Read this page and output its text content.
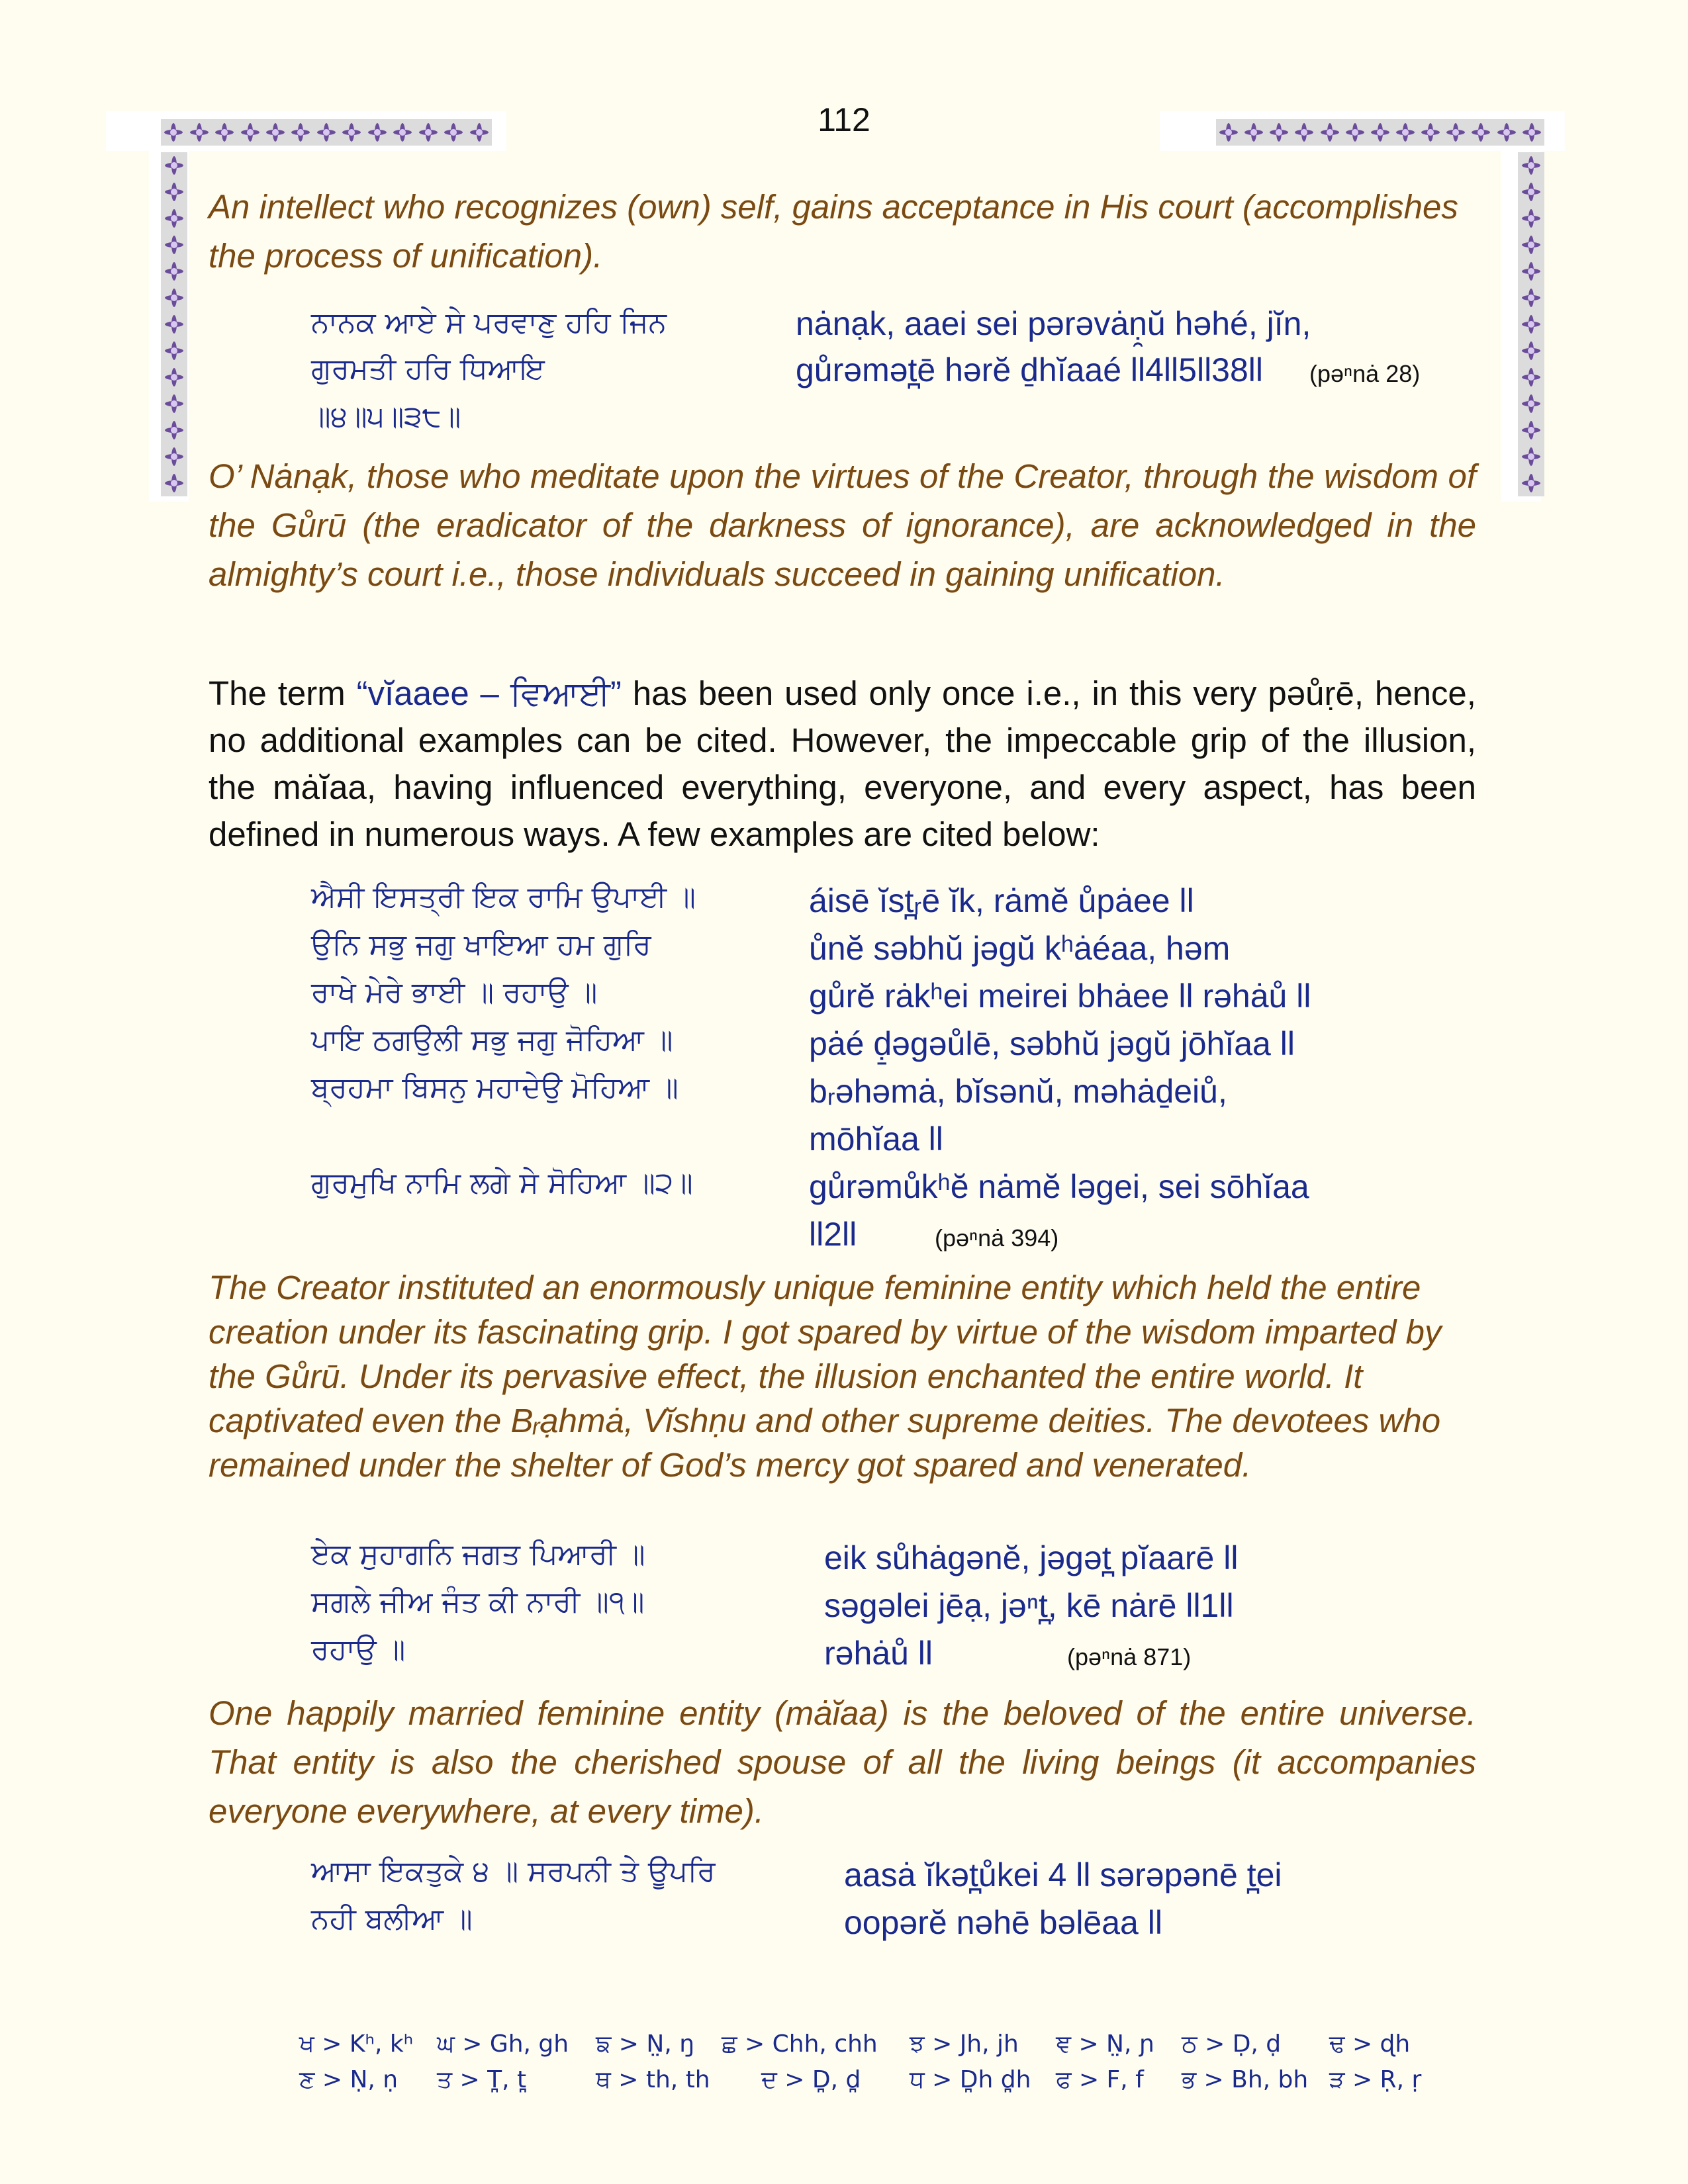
112
An intellect who recognizes (own) self, gains acceptance in His court (accomplishes the process of unification).
ਨਾਨਕ ਆਏ ਸੇ ਪਰਵਾਣੁ ਹਹਿ ਜਿਨ
ਗੁਰਮਤੀ ਹਰਿ ਧਿਆਇ
॥੪॥੫॥੩੮॥
nȧnạk, aaei sei pərəvȧṇ̯ŭ həhé, jĭn,
gůrəmət̪ē hərĕ ḏhĭaaé ll4ll5ll38ll (pəⁿnȧ 28)
O’ Nȧnạk, those who meditate upon the virtues of the Creator, through the wisdom of the Gůrū (the eradicator of the darkness of ignorance), are acknowledged in the almighty’s court i.e., those individuals succeed in gaining unification.
The term “vĭaaee – ਵਿਆਈ” has been used only once i.e., in this very pəůṛē, hence, no additional examples can be cited. However, the impeccable grip of the illusion, the mȧĭaa, having influenced everything, everyone, and every aspect, has been defined in numerous ways. A few examples are cited below:
ਐਸੀ ਇਸਤ੍ਰੀ ਇਕ ਰਾਮਿ ਉਪਾਈ ॥
ਉਨਿ ਸਭੁ ਜਗੁ ਖਾਇਆ ਹਮ ਗੁਰਿ
ਰਾਖੇ ਮੇਰੇ ਭਾਈ ॥ ਰਹਾਉ ॥
ਪਾਇ ਠਗਉਲੀ ਸਭੁ ਜਗੁ ਜੋਹਿਆ ॥
ਬ੍ਰਹਮਾ ਬਿਸਨੁ ਮਹਾਦੇਉ ਮੋਹਿਆ ॥
ਗੁਰਮੁਖਿ ਨਾਮਿ ਲਗੇ ਸੇ ਸੋਹਿਆ ॥੨॥
áisē ĭst̪ᵣē ĭk, rȧmĕ ůpȧee ll
ůnĕ səbhŭ jəgŭ kʰȧéaa, həm
gůrĕ rȧkʰei meirei bhȧee ll rəhȧů ll
pȧé ḍ̱əgəůlē, səbhŭ jəgŭ jōhĭaa ll
bᵣəhəmȧ, bĭsənŭ, məhȧḏeiů,
mōhĭaa ll
gůrəmůkʰĕ nȧmĕ ləgei, sei sōhĭaa
ll2ll	(pəⁿnȧ 394)
The Creator instituted an enormously unique feminine entity which held the entire creation under its fascinating grip. I got spared by virtue of the wisdom imparted by the Gůrū. Under its pervasive effect, the illusion enchanted the entire world. It captivated even the Bᵣạhmȧ, Vĭshṇu and other supreme deities. The devotees who remained under the shelter of God’s mercy got spared and venerated.
ਏਕ ਸੁਹਾਗਨਿ ਜਗਤ ਪਿਆਰੀ ॥
ਸਗਲੇ ਜੀਅ ਜੰਤ ਕੀ ਨਾਰੀ ॥੧॥
ਰਹਾਉ ॥
eik sůhȧgənĕ, jəgət̪ pĭaarē ll
səgəlei jēạ, jəⁿt̪, kē nȧrē ll1ll
rəhȧů ll	(pəⁿnȧ 871)
One happily married feminine entity (mȧĭaa) is the beloved of the entire universe. That entity is also the cherished spouse of all the living beings (it accompanies everyone everywhere, at every time).
ਆਸਾ ਇਕਤੁਕੇ ੪ ॥ ਸਰਪਨੀ ਤੇ ਊਪਰਿ
ਨਹੀ ਬਲੀਆ ॥
aasȧ ĭkət̪ůkei 4 ll sərəpənē t̪ei
oopərĕ nəhē bəlēaa ll
ਖ > Kʰ, kʰ ਘ > Gh, gh ਙ > N̤, ŋ ਛ > Chh, chh ਝ > Jh, jh ਞ > N̤, ɲ ਠ > Ḍ, ḍ ਢ > ɖh
ਣ > Ṇ, ṇ ਤ > T̪, t̪	ਥ > th, th ਦ > D̪, d̪ ਧ > D̪h d̪h ਫ > F, f ਭ > Bh, bh ੜ > Ṛ, ṛ
